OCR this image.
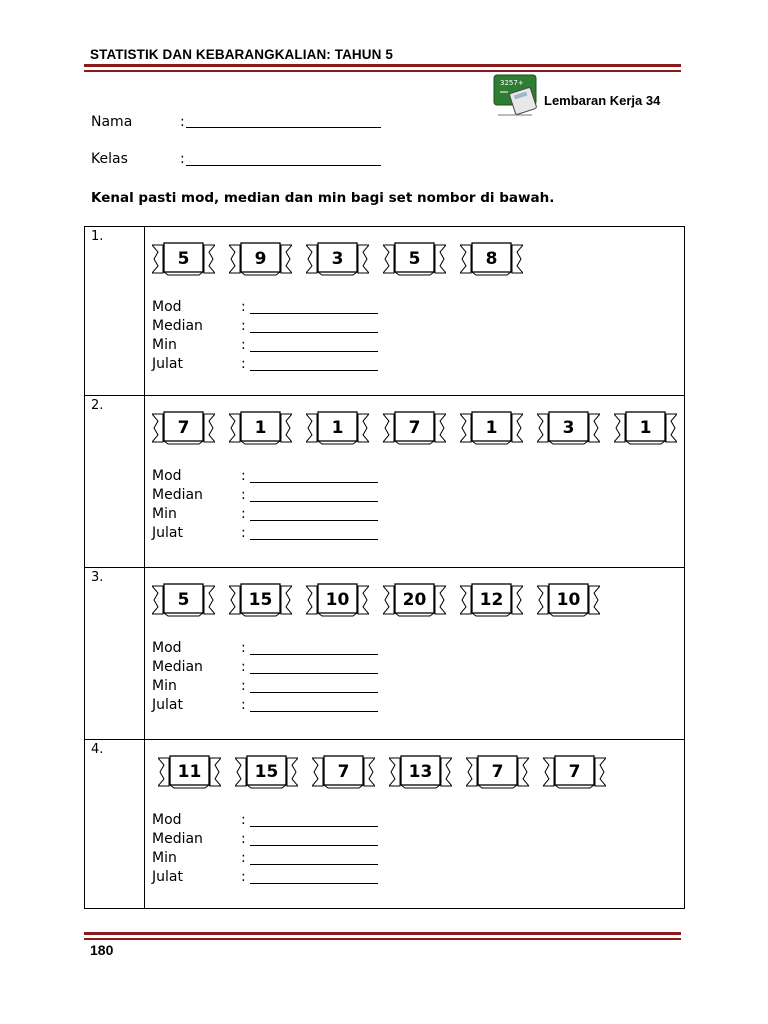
STATISTIK DAN KEBARANGKALIAN: TAHUN 5
3257+
Lembaran Kerja 34
Nama	:
Kelas	:
Kenal pasti mod, median dan min bagi set nombor di bawah.
1.
5	9	3	5	8
Mod	:
Median	:
Min	:
Julat	:
2.
7	1	1	7	1	3	1
Mod	:
Median	:
Min	:
Julat	:
3.
5	15	10	20	12	10
Mod	:
Median	:
Min	:
Julat	:
4.
11	15	7	13	7	7
Mod	:
Median	:
Min	:
Julat	:
180
